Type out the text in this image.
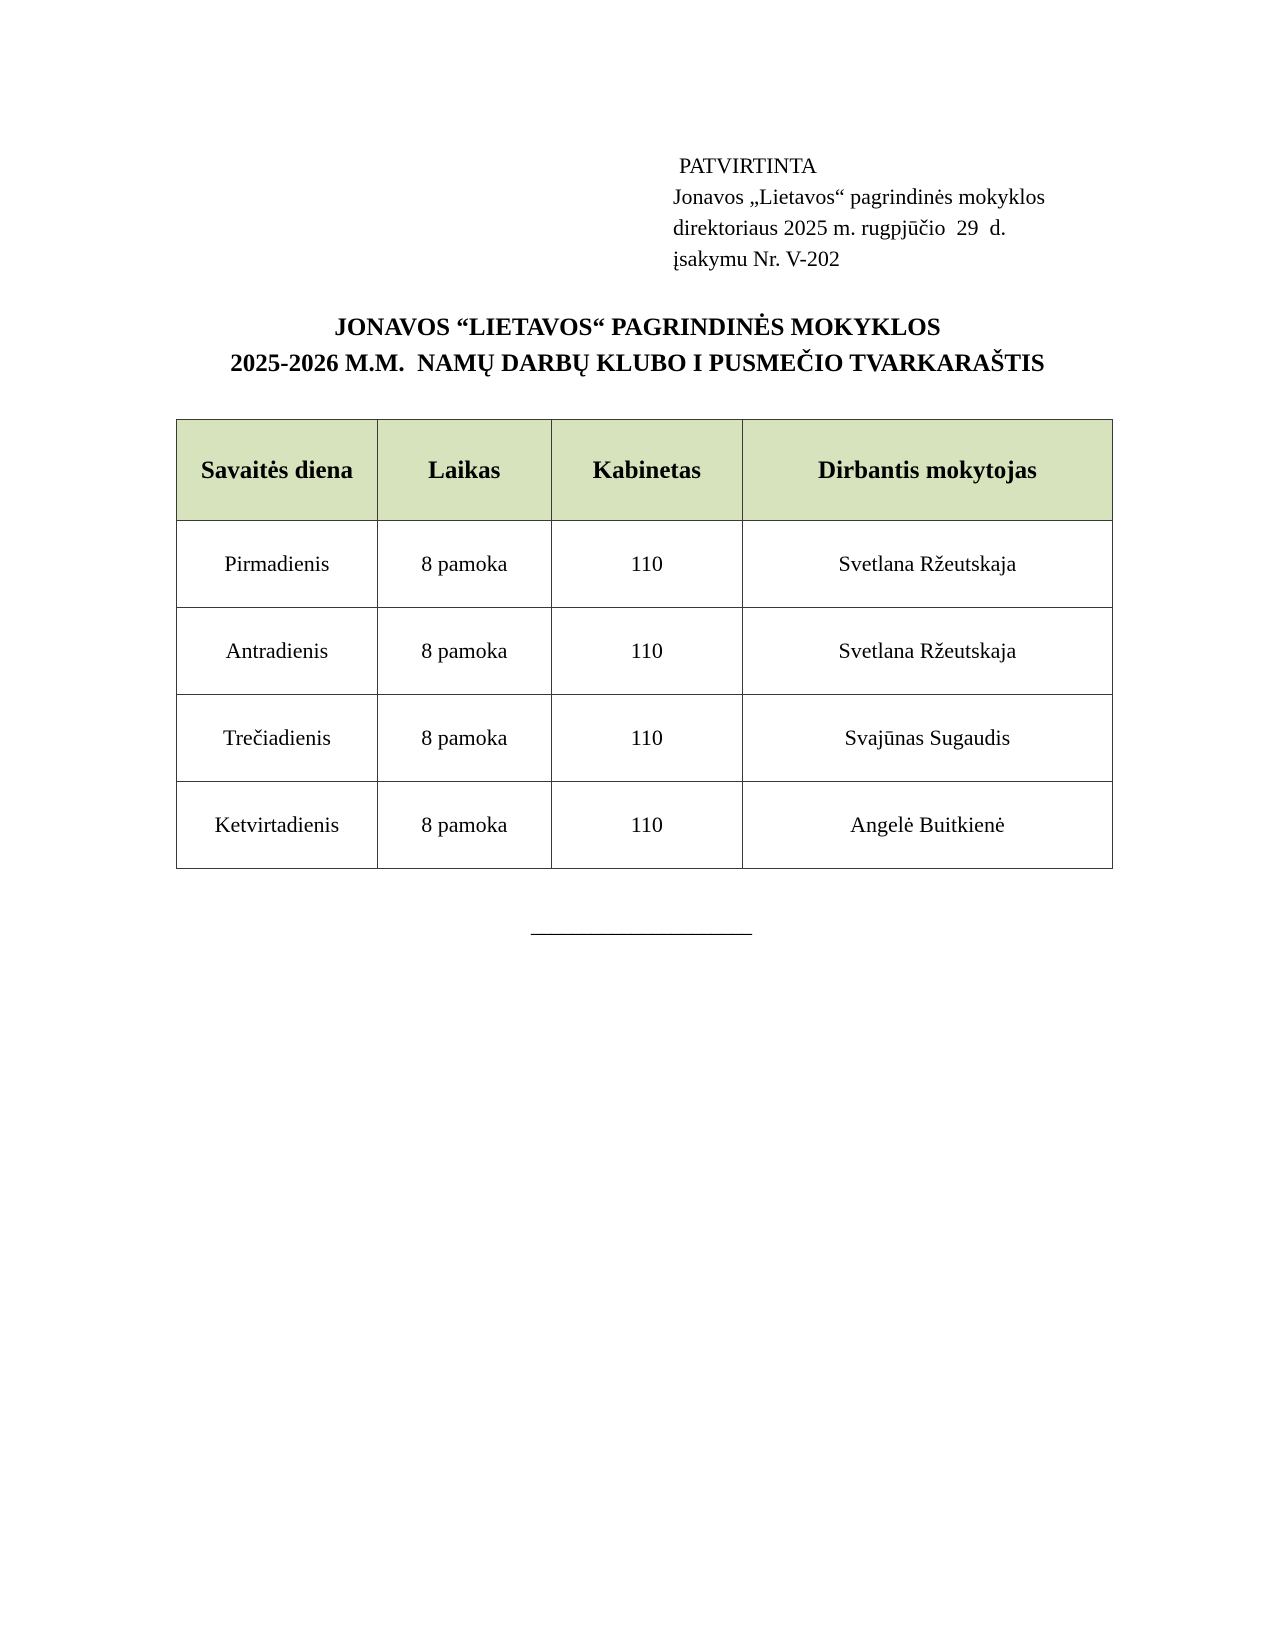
PATVIRTINTA
Jonavos „Lietavos“ pagrindinės mokyklos
direktoriaus 2025 m. rugpjūčio  29  d.
įsakymu Nr. V-202
JONAVOS “LIETAVOS“ PAGRINDINĖS MOKYKLOS
2025-2026 M.M.  NAMŲ DARBŲ KLUBO I PUSMEČIO TVARKARAŠTIS
Savaitės diena	Laikas	Kabinetas	Dirbantis mokytojas
Pirmadienis	8 pamoka	110	Svetlana Ržeutskaja
Antradienis	8 pamoka	110	Svetlana Ržeutskaja
Trečiadienis	8 pamoka	110	Svajūnas Sugaudis
Ketvirtadienis	8 pamoka	110	Angelė Buitkienė
______________________
